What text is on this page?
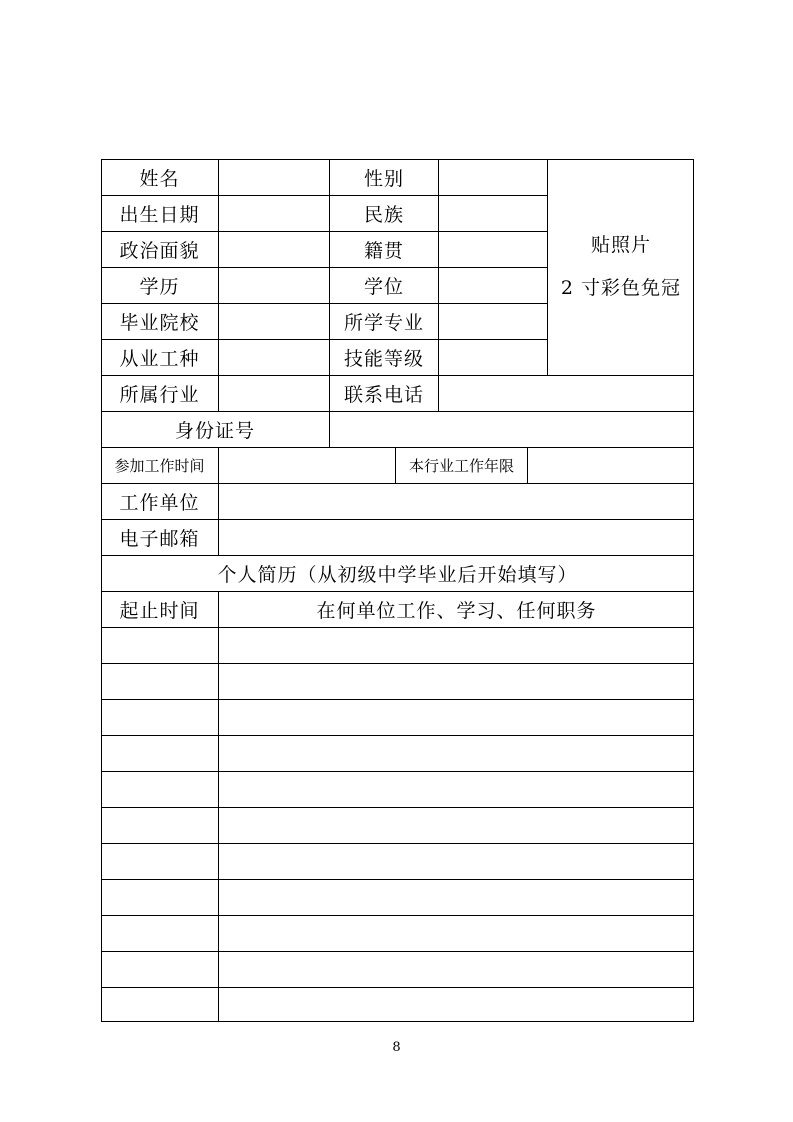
姓名	性别
出生日期	民族
政治面貌	籍贯
学历	学位
毕业院校	所学专业
从业工种	技能等级
贴照片
2 寸彩色免冠
所属行业	联系电话
身份证号
参加工作时间	本行业工作年限
工作单位
电子邮箱
个人简历（从初级中学毕业后开始填写）
起止时间	在何单位工作、学习、任何职务
8
